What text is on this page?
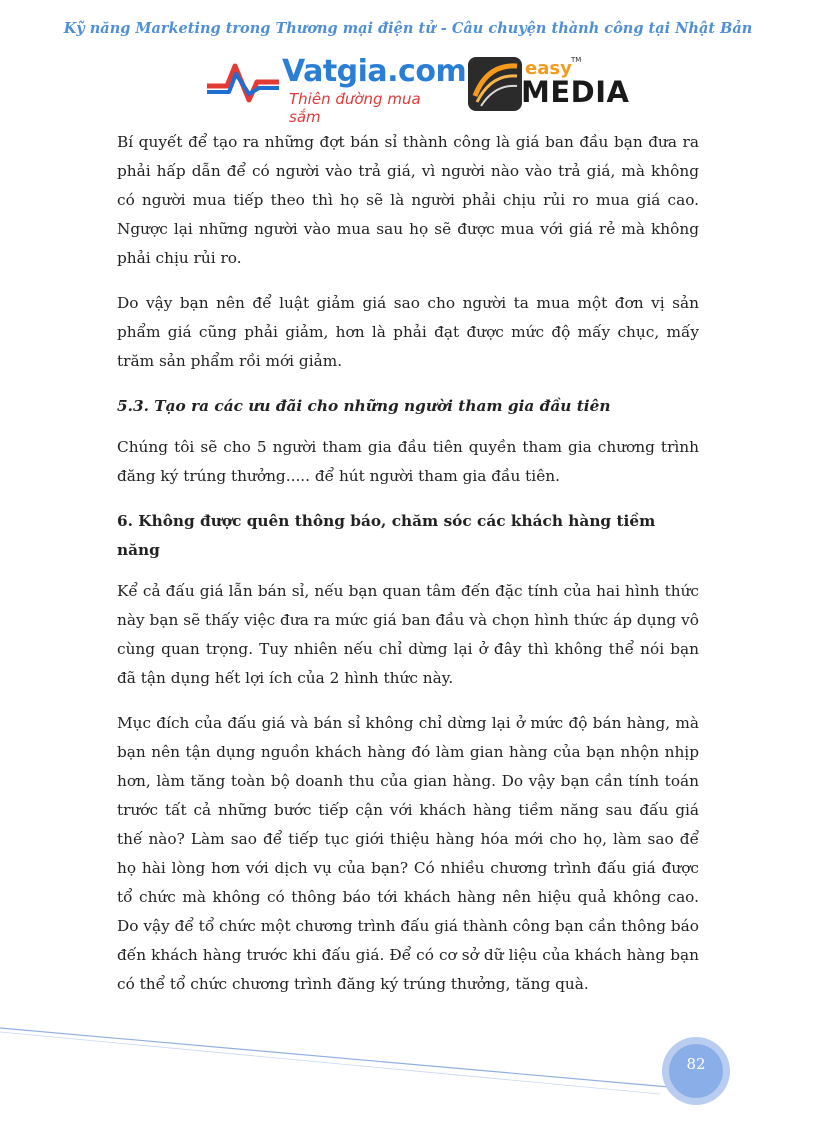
Kỹ năng Marketing trong Thương mại điện tử - Câu chuyện thành công tại Nhật Bản
Vatgia.com
Thiên đường mua sắm
easy TM
MEDIA

Bí quyết để tạo ra những đợt bán sỉ thành công là giá ban đầu bạn đưa ra phải hấp dẫn để có người vào trả giá, vì người nào vào trả giá, mà không có người mua tiếp theo thì họ sẽ là người phải chịu rủi ro mua giá cao. Ngược lại những người vào mua sau họ sẽ được mua với giá rẻ mà không phải chịu rủi ro.

Do vậy bạn nên để luật giảm giá sao cho người ta mua một đơn vị sản phẩm giá cũng phải giảm, hơn là phải đạt được mức độ mấy chục, mấy trăm sản phẩm rồi mới giảm.

5.3. Tạo ra các ưu đãi cho những người tham gia đầu tiên

Chúng tôi sẽ cho 5 người tham gia đầu tiên quyền tham gia chương trình đăng ký trúng thưởng..... để hút người tham gia đầu tiên.

6. Không được quên thông báo, chăm sóc các khách hàng tiềm năng

Kể cả đấu giá lẫn bán sỉ, nếu bạn quan tâm đến đặc tính của hai hình thức này bạn sẽ thấy việc đưa ra mức giá ban đầu và chọn hình thức áp dụng vô cùng quan trọng. Tuy nhiên nếu chỉ dừng lại ở đây thì không thể nói bạn đã tận dụng hết lợi ích của 2 hình thức này.

Mục đích của đấu giá và bán sỉ không chỉ dừng lại ở mức độ bán hàng, mà bạn nên tận dụng nguồn khách hàng đó làm gian hàng của bạn nhộn nhịp hơn, làm tăng toàn bộ doanh thu của gian hàng. Do vậy bạn cần tính toán trước tất cả những bước tiếp cận với khách hàng tiềm năng sau đấu giá thế nào? Làm sao để tiếp tục giới thiệu hàng hóa mới cho họ, làm sao để họ hài lòng hơn với dịch vụ của bạn? Có nhiều chương trình đấu giá được tổ chức mà không có thông báo tới khách hàng nên hiệu quả không cao. Do vậy để tổ chức một chương trình đấu giá thành công bạn cần thông báo đến khách hàng trước khi đấu giá. Để có cơ sở dữ liệu của khách hàng bạn có thể tổ chức chương trình đăng ký trúng thưởng, tăng quà.

82
